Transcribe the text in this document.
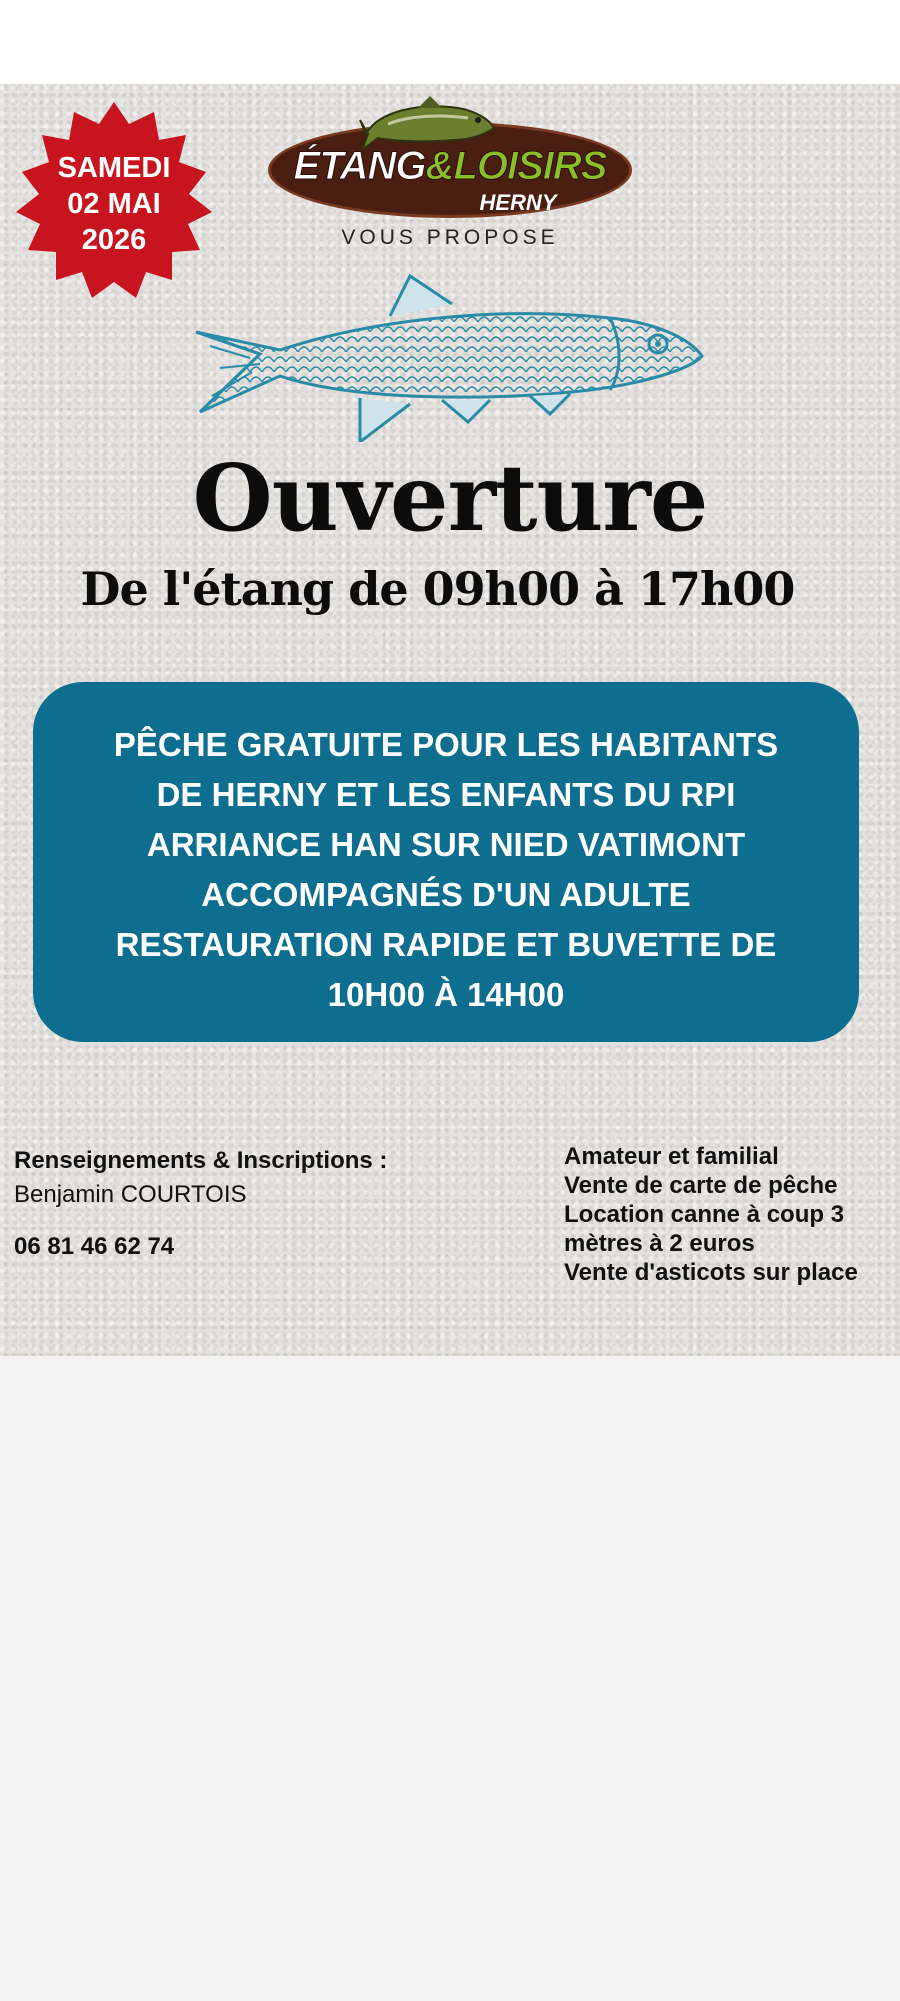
SAMEDI
02 MAI
2026
ÉTANG&LOISIRS
HERNY
VOUS PROPOSE
Ouverture
De l'étang de 09h00 à 17h00
PÊCHE GRATUITE POUR LES HABITANTS
DE HERNY ET LES ENFANTS DU RPI
ARRIANCE HAN SUR NIED VATIMONT
ACCOMPAGNÉS D'UN ADULTE
RESTAURATION RAPIDE ET BUVETTE DE
10H00 À 14H00
Renseignements & Inscriptions :
Benjamin COURTOIS
06 81 46 62 74
Amateur et familial
Vente de carte de pêche
Location canne à coup 3
mètres à 2 euros
Vente d'asticots sur place
